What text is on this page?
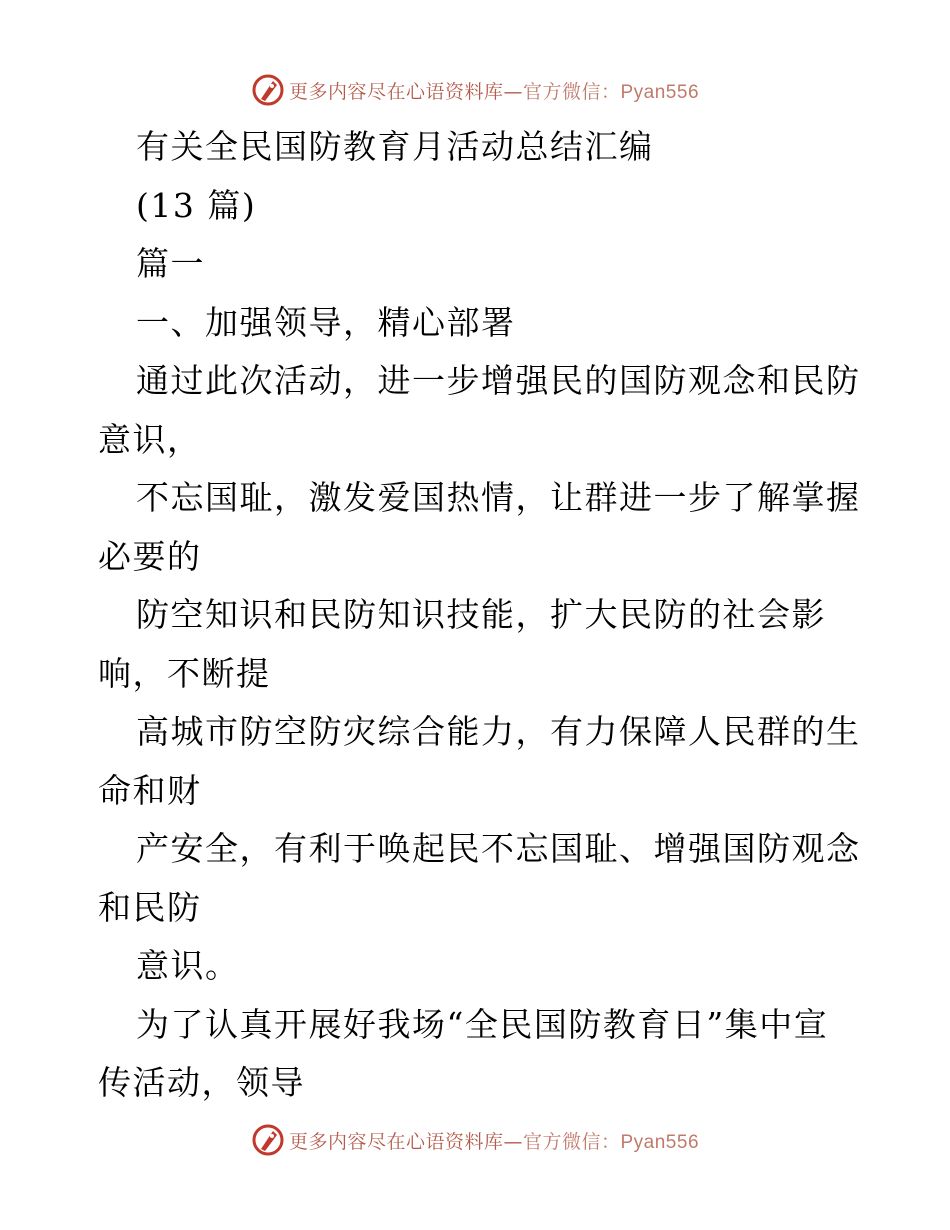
更多内容尽在心语资料库—官方微信：Pyan556
有关全民国防教育月活动总结汇编
(13 篇)
篇一
一、加强领导，精心部署
通过此次活动，进一步增强民的国防观念和民防
意识，
不忘国耻，激发爱国热情，让群进一步了解掌握
必要的
防空知识和民防知识技能，扩大民防的社会影
响，不断提
高城市防空防灾综合能力，有力保障人民群的生
命和财
产安全，有利于唤起民不忘国耻、增强国防观念
和民防
意识。
为了认真开展好我场“全民国防教育日”集中宣
传活动，领导
更多内容尽在心语资料库—官方微信：Pyan556
